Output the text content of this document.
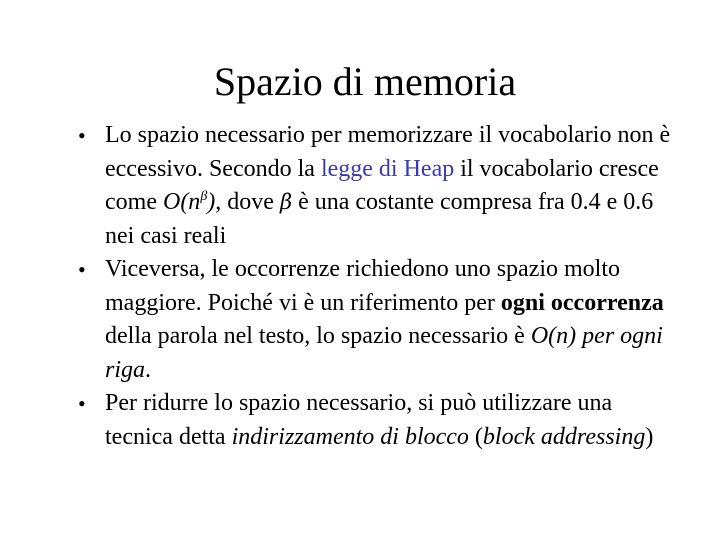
Spazio di memoria
• Lo spazio necessario per memorizzare il vocabolario non è eccessivo. Secondo la legge di Heap il vocabolario cresce come $O(n^\beta)$, dove β è una costante compresa fra 0.4 e 0.6 nei casi reali
• Viceversa, le occorrenze richiedono uno spazio molto maggiore. Poiché vi è un riferimento per ogni occorrenza della parola nel testo, lo spazio necessario è O(n) per ogni riga.
• Per ridurre lo spazio necessario, si può utilizzare una tecnica detta indirizzamento di blocco (block addressing)
